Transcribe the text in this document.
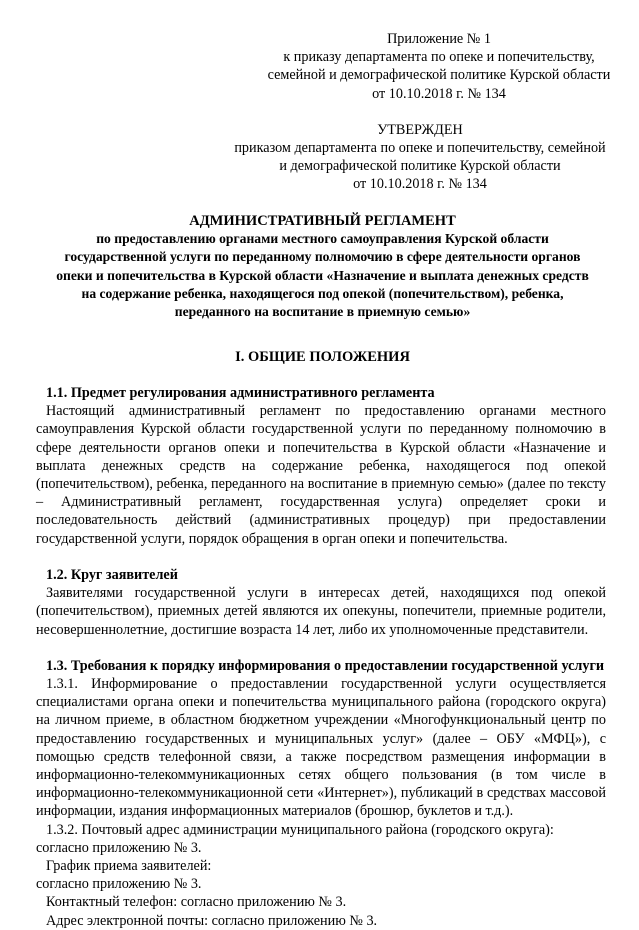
Приложение № 1
к приказу департамента по опеке и попечительству,
семейной и демографической политике Курской области
от 10.10.2018 г. № 134
УТВЕРЖДЕН
приказом департамента по опеке и попечительству, семейной
и демографической политике Курской области
от 10.10.2018 г. № 134
АДМИНИСТРАТИВНЫЙ РЕГЛАМЕНТ
по предоставлению органами местного самоуправления Курской области
государственной услуги по переданному полномочию в сфере деятельности органов
опеки и попечительства в Курской области «Назначение и выплата денежных средств
на содержание ребенка, находящегося под опекой (попечительством), ребенка,
переданного на воспитание в приемную семью»
I. ОБЩИЕ ПОЛОЖЕНИЯ
1.1. Предмет регулирования административного регламента

Настоящий административный регламент по предоставлению органами местного самоуправления Курской области государственной услуги по переданному полномочию в сфере деятельности органов опеки и попечительства в Курской области «Назначение и выплата денежных средств на содержание ребенка, находящегося под опекой (попечительством), ребенка, переданного на воспитание в приемную семью» (далее по тексту – Административный регламент, государственная услуга) определяет сроки и последовательность действий (административных процедур) при предоставлении государственной услуги, порядок обращения в орган опеки и попечительства.

1.2. Круг заявителей

Заявителями государственной услуги в интересах детей, находящихся под опекой (попечительством), приемных детей являются их опекуны, попечители, приемные родители, несовершеннолетние, достигшие возраста 14 лет, либо их уполномоченные представители.

1.3. Требования к порядку информирования о предоставлении государственной услуги

1.3.1. Информирование о предоставлении государственной услуги осуществляется специалистами органа опеки и попечительства муниципального района (городского округа) на личном приеме, в областном бюджетном учреждении «Многофункциональный центр по предоставлению государственных и муниципальных услуг» (далее – ОБУ «МФЦ»), с помощью средств телефонной связи, а также посредством размещения информации в информационно-телекоммуникационных сетях общего пользования (в том числе в информационно-телекоммуникационной сети «Интернет»), публикаций в средствах массовой информации, издания информационных материалов (брошюр, буклетов и т.д.).

1.3.2. Почтовый адрес администрации муниципального района (городского округа):

согласно приложению № 3.

График приема заявителей:

согласно приложению № 3.

Контактный телефон: согласно приложению № 3.

Адрес электронной почты: согласно приложению № 3.
